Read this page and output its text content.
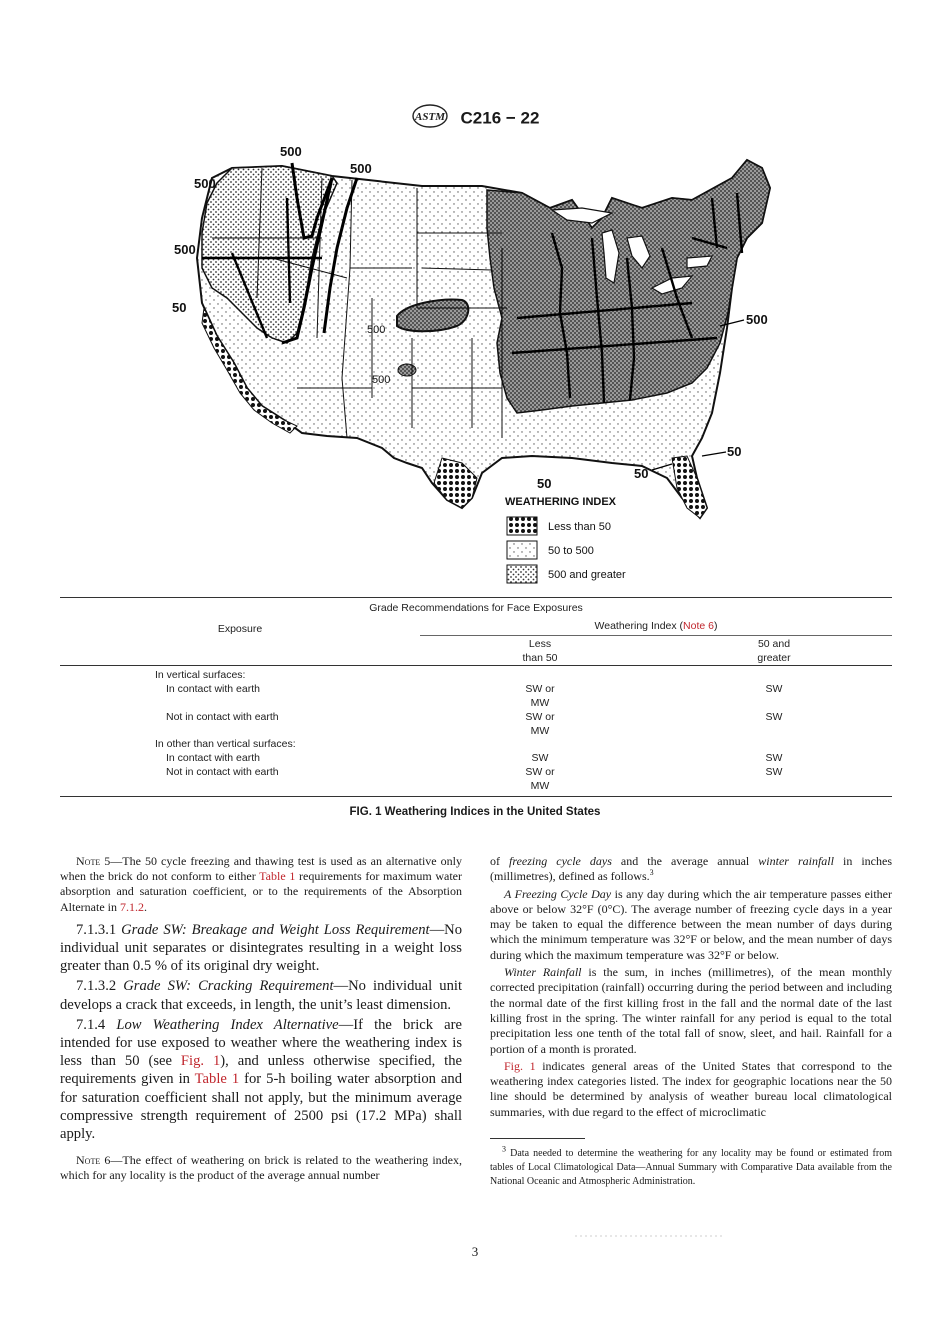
ASTM C216 − 22
500
500
500
500
50
500
500
500
50
50
50
WEATHERING INDEX
Less than 50
50 to 500
500 and greater
Grade Recommendations for Face Exposures
Weathering Index (Note 6)
Exposure
Less
than 50
50 and
greater
In vertical surfaces:
In contact with earth	SW or	SW
MW
Not in contact with earth	SW or	SW
MW
In other than vertical surfaces:
In contact with earth	SW	SW
Not in contact with earth	SW or	SW
MW
FIG. 1 Weathering Indices in the United States

Note 5—The 50 cycle freezing and thawing test is used as an alternative only when the brick do not conform to either Table 1 requirements for maximum water absorption and saturation coefficient, or to the requirements of the Absorption Alternate in 7.1.2.

7.1.3.1 Grade SW: Breakage and Weight Loss Requirement—No individual unit separates or disintegrates resulting in a weight loss greater than 0.5 % of its original dry weight.

7.1.3.2 Grade SW: Cracking Requirement—No individual unit develops a crack that exceeds, in length, the unit’s least dimension.

7.1.4 Low Weathering Index Alternative—If the brick are intended for use exposed to weather where the weathering index is less than 50 (see Fig. 1), and unless otherwise specified, the requirements given in Table 1 for 5-h boiling water absorption and for saturation coefficient shall not apply, but the minimum average compressive strength requirement of 2500 psi (17.2 MPa) shall apply.

Note 6—The effect of weathering on brick is related to the weathering index, which for any locality is the product of the average annual number

of freezing cycle days and the average annual winter rainfall in inches (millimetres), defined as follows.$^3$

A Freezing Cycle Day is any day during which the air temperature passes either above or below 32°F (0°C). The average number of freezing cycle days in a year may be taken to equal the difference between the mean number of days during which the minimum temperature was 32°F or below, and the mean number of days during which the maximum temperature was 32°F or below.

Winter Rainfall is the sum, in inches (millimetres), of the mean monthly corrected precipitation (rainfall) occurring during the period between and including the normal date of the first killing frost in the fall and the normal date of the last killing frost in the spring. The winter rainfall for any period is equal to the total precipitation less one tenth of the total fall of snow, sleet, and hail. Rainfall for a portion of a month is prorated.

Fig. 1 indicates general areas of the United States that correspond to the weathering index categories listed. The index for geographic locations near the 50 line should be determined by analysis of weather bureau local climatological summaries, with due regard to the effect of microclimatic

$^3$ Data needed to determine the weathering for any locality may be found or estimated from tables of Local Climatological Data—Annual Summary with Comparative Data available from the National Oceanic and Atmospheric Administration.

3
